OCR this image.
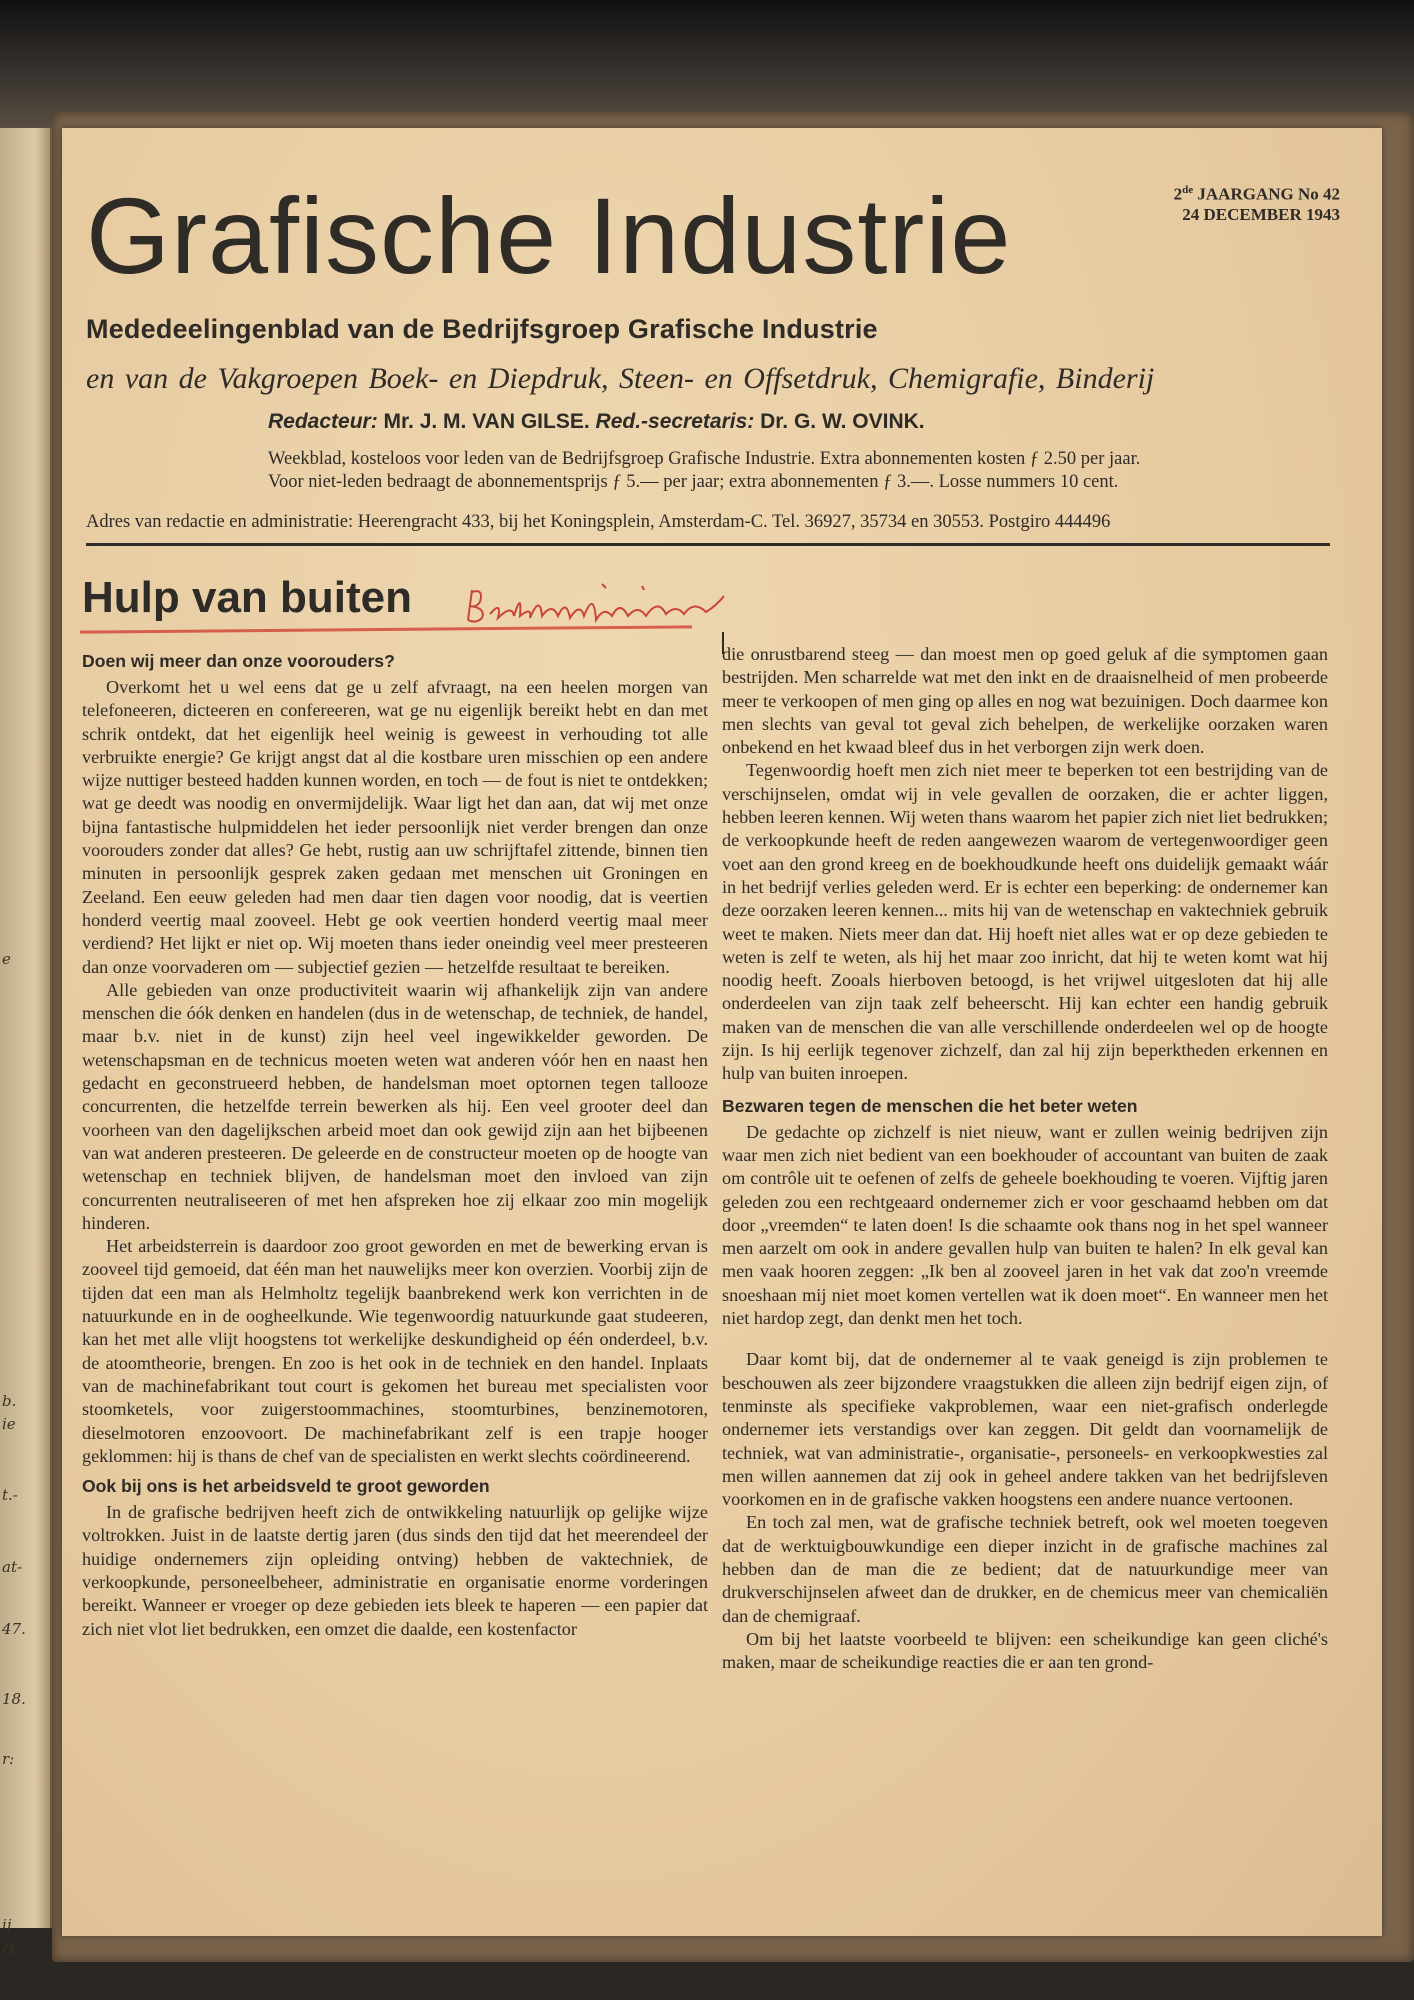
e
b.
ie
t.-
at-
47.
18.
r:
ij
/1
Grafische Industrie	2de JAARGANG No 42
24 DECEMBER 1943
Mededeelingenblad van de Bedrijfsgroep Grafische Industrie
en van de Vakgroepen Boek- en Diepdruk, Steen- en Offsetdruk, Chemigrafie, Binderij
Redacteur: Mr. J. M. VAN GILSE. Red.-secretaris: Dr. G. W. OVINK.
Weekblad, kosteloos voor leden van de Bedrijfsgroep Grafische Industrie. Extra abonnementen kosten ƒ 2.50 per jaar.
Voor niet-leden bedraagt de abonnementsprijs ƒ 5.— per jaar; extra abonnementen ƒ 3.—. Losse nummers 10 cent.
Adres van redactie en administratie: Heerengracht 433, bij het Koningsplein, Amsterdam-C. Tel. 36927, 35734 en 30553. Postgiro 444496
Hulp van buiten
Doen wij meer dan onze voorouders?

Overkomt het u wel eens dat ge u zelf afvraagt, na een heelen morgen van telefoneeren, dicteeren en confereeren, wat ge nu eigenlijk bereikt hebt en dan met schrik ontdekt, dat het eigenlijk heel weinig is geweest in verhouding tot alle verbruikte energie? Ge krijgt angst dat al die kostbare uren misschien op een andere wijze nuttiger besteed hadden kunnen worden, en toch — de fout is niet te ontdekken; wat ge deedt was noodig en onvermijdelijk. Waar ligt het dan aan, dat wij met onze bijna fantastische hulpmiddelen het ieder persoonlijk niet verder brengen dan onze voorouders zonder dat alles? Ge hebt, rustig aan uw schrijftafel zittende, binnen tien minuten in persoonlijk gesprek zaken gedaan met menschen uit Groningen en Zeeland. Een eeuw geleden had men daar tien dagen voor noodig, dat is veertien honderd veertig maal zooveel. Hebt ge ook veertien honderd veertig maal meer verdiend? Het lijkt er niet op. Wij moeten thans ieder oneindig veel meer presteeren dan onze voorvaderen om — subjectief gezien — hetzelfde resultaat te bereiken.

Alle gebieden van onze productiviteit waarin wij afhankelijk zijn van andere menschen die óók denken en handelen (dus in de wetenschap, de techniek, de handel, maar b.v. niet in de kunst) zijn heel veel ingewikkelder geworden. De wetenschapsman en de technicus moeten weten wat anderen vóór hen en naast hen gedacht en geconstrueerd hebben, de handelsman moet optornen tegen tallooze concurrenten, die hetzelfde terrein bewerken als hij. Een veel grooter deel dan voorheen van den dagelijkschen arbeid moet dan ook gewijd zijn aan het bijbeenen van wat anderen presteeren. De geleerde en de constructeur moeten op de hoogte van wetenschap en techniek blijven, de handelsman moet den invloed van zijn concurrenten neutraliseeren of met hen afspreken hoe zij elkaar zoo min mogelijk hinderen.

Het arbeidsterrein is daardoor zoo groot geworden en met de bewerking ervan is zooveel tijd gemoeid, dat één man het nauwelijks meer kon overzien. Voorbij zijn de tijden dat een man als Helmholtz tegelijk baanbrekend werk kon verrichten in de natuurkunde en in de oogheelkunde. Wie tegenwoordig natuurkunde gaat studeeren, kan het met alle vlijt hoogstens tot werkelijke deskundigheid op één onderdeel, b.v. de atoomtheorie, brengen. En zoo is het ook in de techniek en den handel. Inplaats van de machinefabrikant tout court is gekomen het bureau met specialisten voor stoomketels, voor zuigerstoommachines, stoomturbines, benzinemotoren, dieselmotoren enzoovoort. De machinefabrikant zelf is een trapje hooger geklommen: hij is thans de chef van de specialisten en werkt slechts coördineerend.

Ook bij ons is het arbeidsveld te groot geworden

In de grafische bedrijven heeft zich de ontwikkeling natuurlijk op gelijke wijze voltrokken. Juist in de laatste dertig jaren (dus sinds den tijd dat het meerendeel der huidige ondernemers zijn opleiding ontving) hebben de vaktechniek, de verkoopkunde, personeelbeheer, administratie en organisatie enorme vorderingen bereikt. Wanneer er vroeger op deze gebieden iets bleek te haperen — een papier dat zich niet vlot liet bedrukken, een omzet die daalde, een kostenfactor

die onrustbarend steeg — dan moest men op goed geluk af die symptomen gaan bestrijden. Men scharrelde wat met den inkt en de draaisnelheid of men probeerde meer te verkoopen of men ging op alles en nog wat bezuinigen. Doch daarmee kon men slechts van geval tot geval zich behelpen, de werkelijke oorzaken waren onbekend en het kwaad bleef dus in het verborgen zijn werk doen.

Tegenwoordig hoeft men zich niet meer te beperken tot een bestrijding van de verschijnselen, omdat wij in vele gevallen de oorzaken, die er achter liggen, hebben leeren kennen. Wij weten thans waarom het papier zich niet liet bedrukken; de verkoopkunde heeft de reden aangewezen waarom de vertegenwoordiger geen voet aan den grond kreeg en de boekhoudkunde heeft ons duidelijk gemaakt wáár in het bedrijf verlies geleden werd. Er is echter een beperking: de ondernemer kan deze oorzaken leeren kennen... mits hij van de wetenschap en vaktechniek gebruik weet te maken. Niets meer dan dat. Hij hoeft niet alles wat er op deze gebieden te weten is zelf te weten, als hij het maar zoo inricht, dat hij te weten komt wat hij noodig heeft. Zooals hierboven betoogd, is het vrijwel uitgesloten dat hij alle onderdeelen van zijn taak zelf beheerscht. Hij kan echter een handig gebruik maken van de menschen die van alle verschillende onderdeelen wel op de hoogte zijn. Is hij eerlijk tegenover zichzelf, dan zal hij zijn beperktheden erkennen en hulp van buiten inroepen.

Bezwaren tegen de menschen die het beter weten

De gedachte op zichzelf is niet nieuw, want er zullen weinig bedrijven zijn waar men zich niet bedient van een boekhouder of accountant van buiten de zaak om contrôle uit te oefenen of zelfs de geheele boekhouding te voeren. Vijftig jaren geleden zou een rechtgeaard ondernemer zich er voor geschaamd hebben om dat door „vreemden“ te laten doen! Is die schaamte ook thans nog in het spel wanneer men aarzelt om ook in andere gevallen hulp van buiten te halen? In elk geval kan men vaak hooren zeggen: „Ik ben al zooveel jaren in het vak dat zoo'n vreemde snoeshaan mij niet moet komen vertellen wat ik doen moet“. En wanneer men het niet hardop zegt, dan denkt men het toch.

Daar komt bij, dat de ondernemer al te vaak geneigd is zijn problemen te beschouwen als zeer bijzondere vraagstukken die alleen zijn bedrijf eigen zijn, of tenminste als specifieke vakproblemen, waar een niet-grafisch onderlegde ondernemer iets verstandigs over kan zeggen. Dit geldt dan voornamelijk de techniek, wat van administratie-, organisatie-, personeels- en verkoopkwesties zal men willen aannemen dat zij ook in geheel andere takken van het bedrijfsleven voorkomen en in de grafische vakken hoogstens een andere nuance vertoonen.

En toch zal men, wat de grafische techniek betreft, ook wel moeten toegeven dat de werktuigbouwkundige een dieper inzicht in de grafische machines zal hebben dan de man die ze bedient; dat de natuurkundige meer van drukverschijnselen afweet dan de drukker, en de chemicus meer van chemicaliën dan de chemigraaf.

Om bij het laatste voorbeeld te blijven: een scheikundige kan geen cliché's maken, maar de scheikundige reacties die er aan ten grond-
